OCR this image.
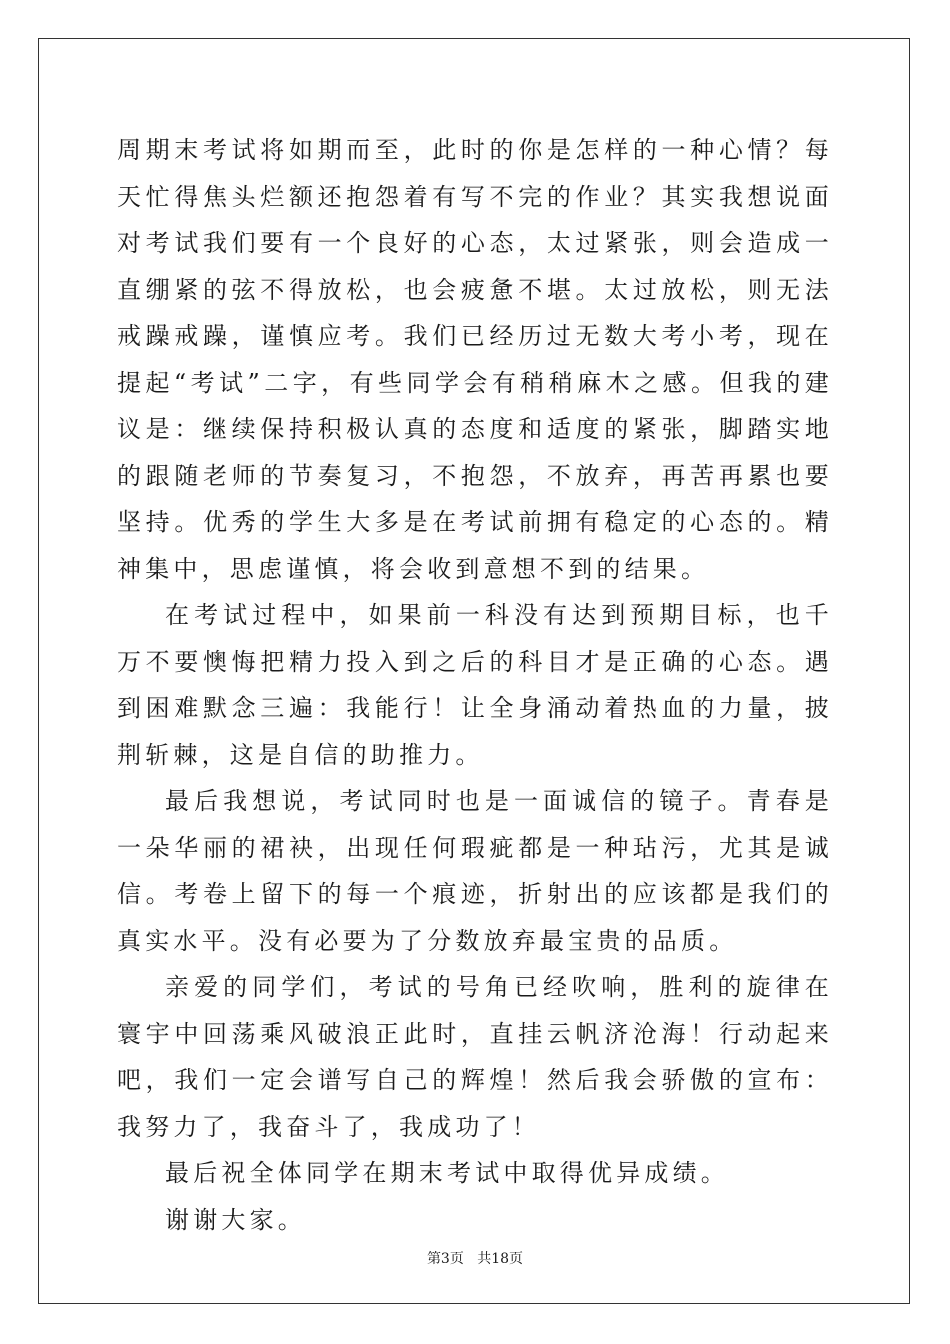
周期末考试将如期而至，此时的你是怎样的一种心情？每天忙得焦头烂额还抱怨着有写不完的作业？其实我想说面对考试我们要有一个良好的心态，太过紧张，则会造成一直绷紧的弦不得放松，也会疲惫不堪。太过放松，则无法戒躁戒躁，谨慎应考。我们已经历过无数大考小考，现在提起“考试”二字，有些同学会有稍稍麻木之感。但我的建议是：继续保持积极认真的态度和适度的紧张，脚踏实地的跟随老师的节奏复习，不抱怨，不放弃，再苦再累也要坚持。优秀的学生大多是在考试前拥有稳定的心态的。精神集中，思虑谨慎，将会收到意想不到的结果。

在考试过程中，如果前一科没有达到预期目标，也千万不要懊悔把精力投入到之后的科目才是正确的心态。遇到困难默念三遍：我能行！让全身涌动着热血的力量，披荆斩棘，这是自信的助推力。

最后我想说，考试同时也是一面诚信的镜子。青春是一朵华丽的裙袂，出现任何瑕疵都是一种玷污，尤其是诚信。考卷上留下的每一个痕迹，折射出的应该都是我们的真实水平。没有必要为了分数放弃最宝贵的品质。

亲爱的同学们，考试的号角已经吹响，胜利的旋律在寰宇中回荡乘风破浪正此时，直挂云帆济沧海！行动起来吧，我们一定会谱写自己的辉煌！然后我会骄傲的宣布：我努力了，我奋斗了，我成功了！

最后祝全体同学在期末考试中取得优异成绩。

谢谢大家。

第3页 共18页
